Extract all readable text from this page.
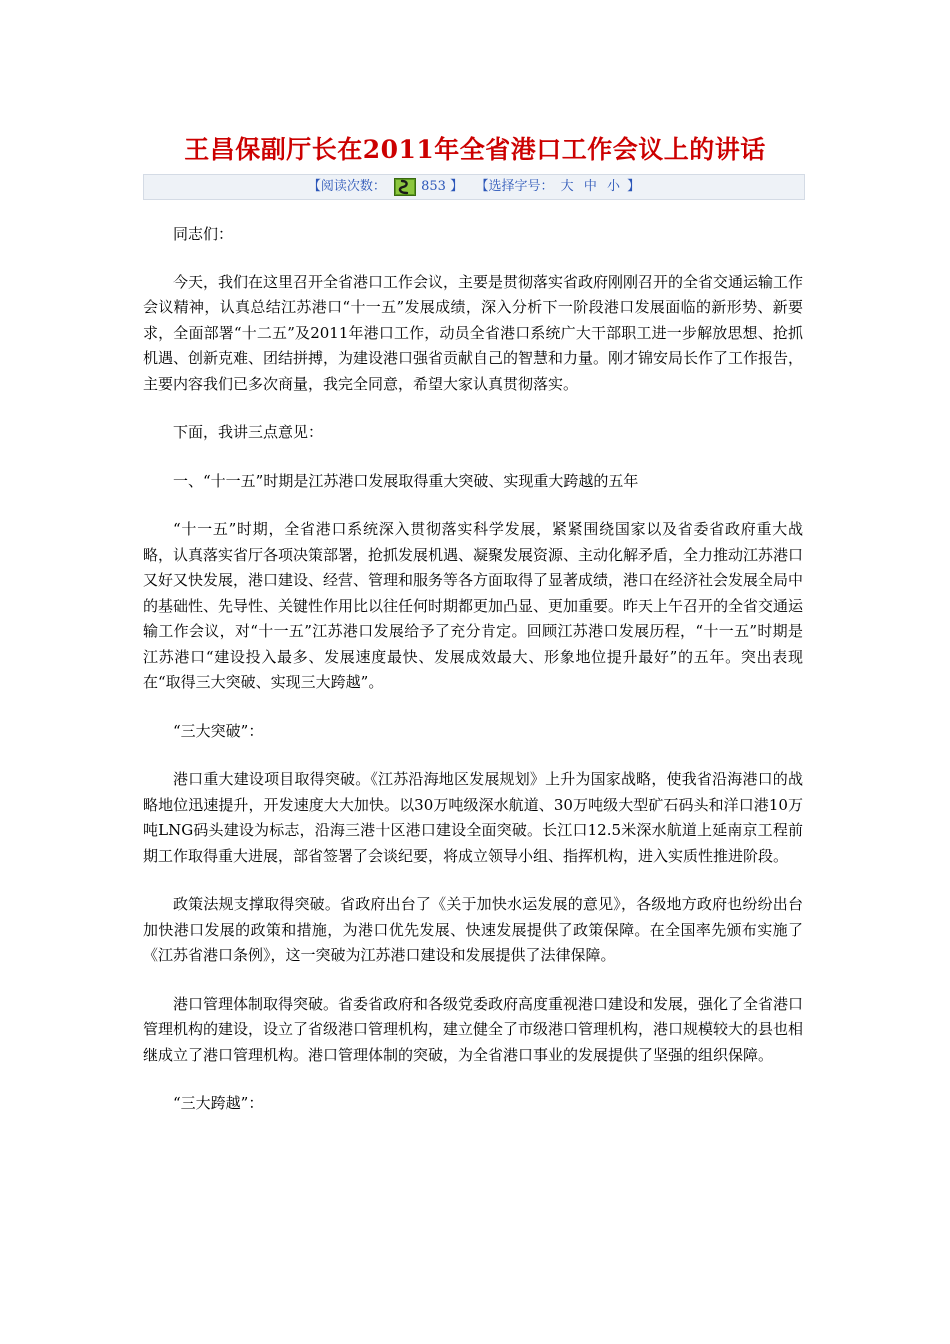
王昌保副厅长在2011年全省港口工作会议上的讲话
【阅读次数：	853 】 【选择字号： 大 中 小 】

同志们：

今天，我们在这里召开全省港口工作会议，主要是贯彻落实省政府刚刚召开的全省交通运输工作会议精神，认真总结江苏港口“十一五”发展成绩，深入分析下一阶段港口发展面临的新形势、新要求，全面部署“十二五”及2011年港口工作，动员全省港口系统广大干部职工进一步解放思想、抢抓机遇、创新克难、团结拼搏，为建设港口强省贡献自己的智慧和力量。刚才锦安局长作了工作报告，主要内容我们已多次商量，我完全同意，希望大家认真贯彻落实。

下面，我讲三点意见：

一、“十一五”时期是江苏港口发展取得重大突破、实现重大跨越的五年

“十一五”时期，全省港口系统深入贯彻落实科学发展，紧紧围绕国家以及省委省政府重大战略，认真落实省厅各项决策部署，抢抓发展机遇、凝聚发展资源、主动化解矛盾，全力推动江苏港口又好又快发展，港口建设、经营、管理和服务等各方面取得了显著成绩，港口在经济社会发展全局中的基础性、先导性、关键性作用比以往任何时期都更加凸显、更加重要。昨天上午召开的全省交通运输工作会议，对“十一五”江苏港口发展给予了充分肯定。回顾江苏港口发展历程，“十一五”时期是江苏港口“建设投入最多、发展速度最快、发展成效最大、形象地位提升最好”的五年。突出表现在“取得三大突破、实现三大跨越”。

“三大突破”：

港口重大建设项目取得突破。《江苏沿海地区发展规划》上升为国家战略，使我省沿海港口的战略地位迅速提升，开发速度大大加快。以30万吨级深水航道、30万吨级大型矿石码头和洋口港10万吨LNG码头建设为标志，沿海三港十区港口建设全面突破。长江口12.5米深水航道上延南京工程前期工作取得重大进展，部省签署了会谈纪要，将成立领导小组、指挥机构，进入实质性推进阶段。

政策法规支撑取得突破。省政府出台了《关于加快水运发展的意见》，各级地方政府也纷纷出台加快港口发展的政策和措施，为港口优先发展、快速发展提供了政策保障。在全国率先颁布实施了《江苏省港口条例》，这一突破为江苏港口建设和发展提供了法律保障。

港口管理体制取得突破。省委省政府和各级党委政府高度重视港口建设和发展，强化了全省港口管理机构的建设，设立了省级港口管理机构，建立健全了市级港口管理机构，港口规模较大的县也相继成立了港口管理机构。港口管理体制的突破，为全省港口事业的发展提供了坚强的组织保障。

“三大跨越”：
